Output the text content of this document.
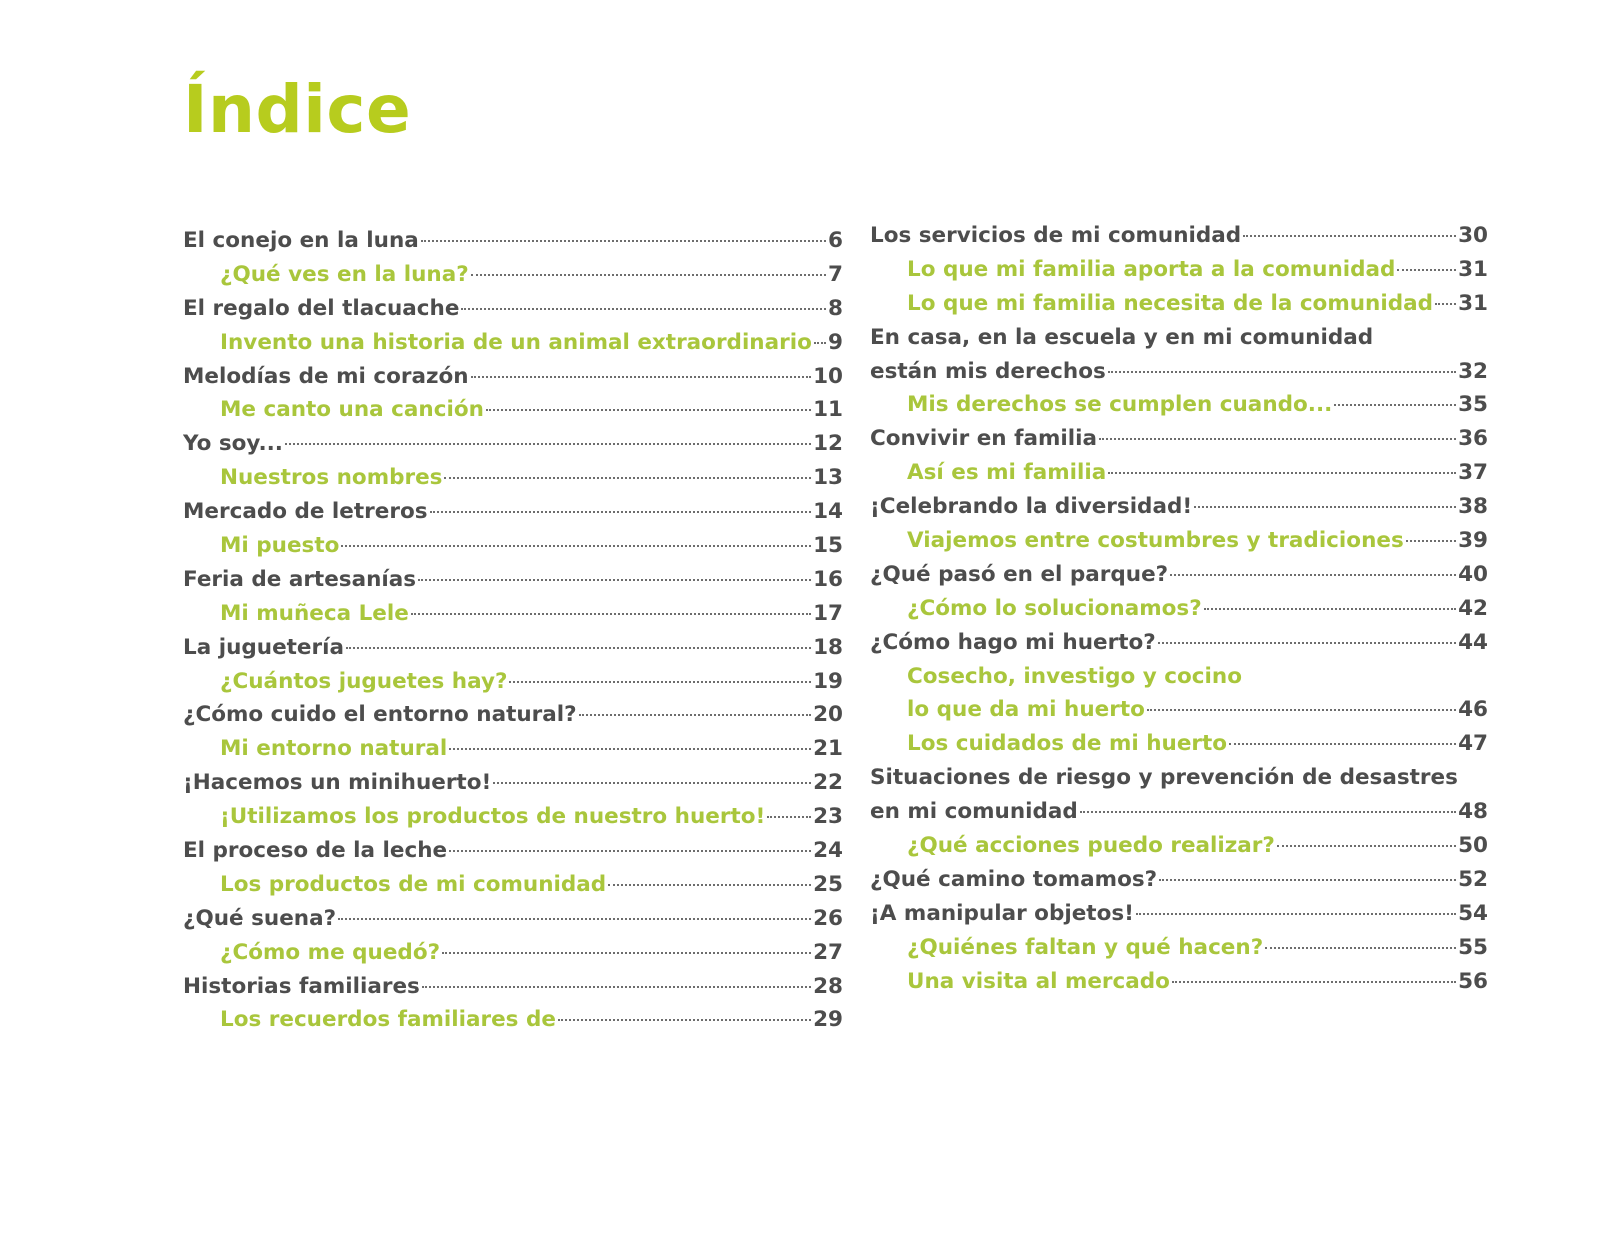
Índice
El conejo en la luna	6
¿Qué ves en la luna?	7
El regalo del tlacuache	8
Invento una historia de un animal extraordinario 9
Melodías de mi corazón	10
Me canto una canción	11
Yo soy...	12
Nuestros nombres	13
Mercado de letreros	14
Mi puesto	15
Feria de artesanías	16
Mi muñeca Lele	17
La juguetería	18
¿Cuántos juguetes hay?	19
¿Cómo cuido el entorno natural?	20
Mi entorno natural	21
¡Hacemos un minihuerto!	22
¡Utilizamos los productos de nuestro huerto! 23
El proceso de la leche	24
Los productos de mi comunidad	25
¿Qué suena?	26
¿Cómo me quedó?	27
Historias familiares	28
Los recuerdos familiares de	29
Los servicios de mi comunidad	30
Lo que mi familia aporta a la comunidad	31
Lo que mi familia necesita de la comunidad 31
En casa, en la escuela y en mi comunidad
están mis derechos	32
Mis derechos se cumplen cuando...	35
Convivir en familia	36
Así es mi familia	37
¡Celebrando la diversidad!	38
Viajemos entre costumbres y tradiciones	39
¿Qué pasó en el parque?	40
¿Cómo lo solucionamos?	42
¿Cómo hago mi huerto?	44
Cosecho, investigo y cocino
lo que da mi huerto	46
Los cuidados de mi huerto	47
Situaciones de riesgo y prevención de desastres
en mi comunidad	48
¿Qué acciones puedo realizar?	50
¿Qué camino tomamos?	52
¡A manipular objetos!	54
¿Quiénes faltan y qué hacen?	55
Una visita al mercado	56
